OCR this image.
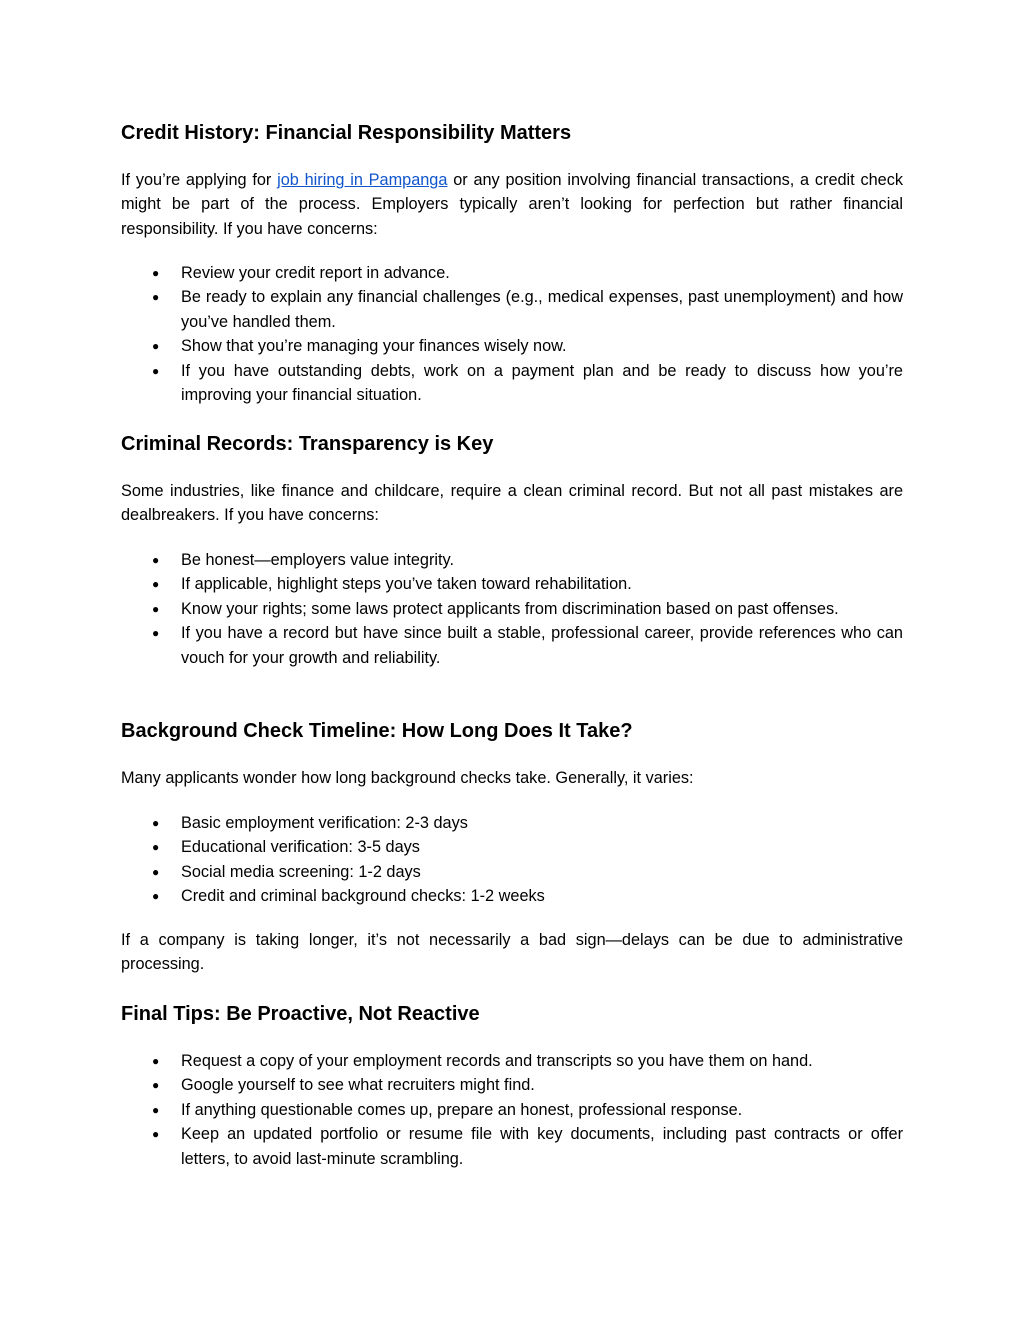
Credit History: Financial Responsibility Matters

If you’re applying for job hiring in Pampanga or any position involving financial transactions, a credit check might be part of the process. Employers typically aren’t looking for perfection but rather financial responsibility. If you have concerns:

● Review your credit report in advance.
● Be ready to explain any financial challenges (e.g., medical expenses, past unemployment) and how you’ve handled them.
● Show that you’re managing your finances wisely now.
● If you have outstanding debts, work on a payment plan and be ready to discuss how you’re improving your financial situation.
Criminal Records: Transparency is Key

Some industries, like finance and childcare, require a clean criminal record. But not all past mistakes are dealbreakers. If you have concerns:

● Be honest—employers value integrity.
● If applicable, highlight steps you’ve taken toward rehabilitation.
● Know your rights; some laws protect applicants from discrimination based on past offenses.
● If you have a record but have since built a stable, professional career, provide references who can vouch for your growth and reliability.
Background Check Timeline: How Long Does It Take?

Many applicants wonder how long background checks take. Generally, it varies:

● Basic employment verification: 2-3 days
● Educational verification: 3-5 days
● Social media screening: 1-2 days
● Credit and criminal background checks: 1-2 weeks

If a company is taking longer, it’s not necessarily a bad sign—delays can be due to administrative processing.

Final Tips: Be Proactive, Not Reactive
● Request a copy of your employment records and transcripts so you have them on hand.
● Google yourself to see what recruiters might find.
● If anything questionable comes up, prepare an honest, professional response.
● Keep an updated portfolio or resume file with key documents, including past contracts or offer letters, to avoid last-minute scrambling.
